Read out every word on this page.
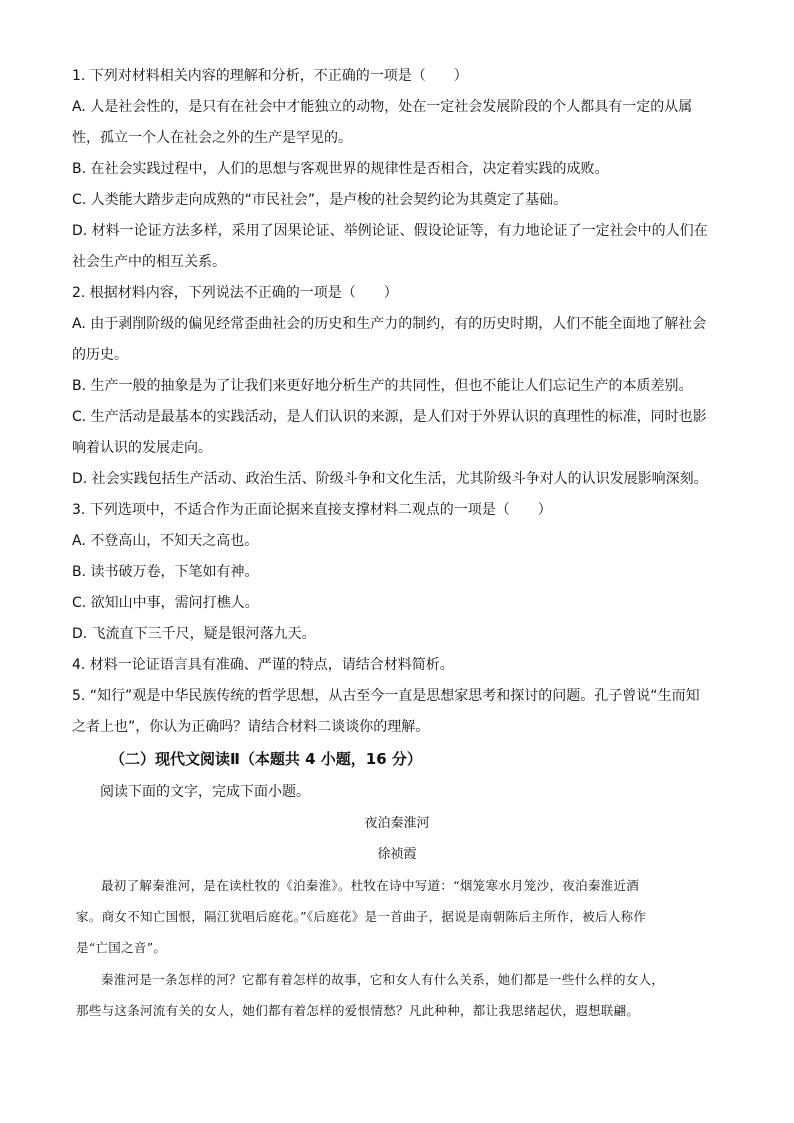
1. 下列对材料相关内容的理解和分析，不正确的一项是（　　）
A. 人是社会性的，是只有在社会中才能独立的动物，处在一定社会发展阶段的个人都具有一定的从属
性，孤立一个人在社会之外的生产是罕见的。
B. 在社会实践过程中，人们的思想与客观世界的规律性是否相合，决定着实践的成败。
C. 人类能大踏步走向成熟的“市民社会”，是卢梭的社会契约论为其奠定了基础。
D. 材料一论证方法多样，采用了因果论证、举例论证、假设论证等，有力地论证了一定社会中的人们在
社会生产中的相互关系。
2. 根据材料内容，下列说法不正确的一项是（　　）
A. 由于剥削阶级的偏见经常歪曲社会的历史和生产力的制约，有的历史时期，人们不能全面地了解社会
的历史。
B. 生产一般的抽象是为了让我们来更好地分析生产的共同性，但也不能让人们忘记生产的本质差别。
C. 生产活动是最基本的实践活动，是人们认识的来源，是人们对于外界认识的真理性的标准，同时也影
响着认识的发展走向。
D. 社会实践包括生产活动、政治生活、阶级斗争和文化生活，尤其阶级斗争对人的认识发展影响深刻。
3. 下列选项中，不适合作为正面论据来直接支撑材料二观点的一项是（　　）
A. 不登高山，不知天之高也。
B. 读书破万卷，下笔如有神。
C. 欲知山中事，需问打樵人。
D. 飞流直下三千尺，疑是银河落九天。
4. 材料一论证语言具有准确、严谨的特点，请结合材料简析。
5. “知行”观是中华民族传统的哲学思想，从古至今一直是思想家思考和探讨的问题。孔子曾说“生而知
之者上也”，你认为正确吗？请结合材料二谈谈你的理解。
（二）现代文阅读Ⅱ（本题共 4 小题，16 分）
阅读下面的文字，完成下面小题。
夜泊秦淮河
徐祯霞
最初了解秦淮河，是在读杜牧的《泊秦淮》。杜牧在诗中写道：“烟笼寒水月笼沙，夜泊秦淮近酒
家。商女不知亡国恨，隔江犹唱后庭花。”《后庭花》是一首曲子，据说是南朝陈后主所作，被后人称作
是“亡国之音”。
秦淮河是一条怎样的河？它都有着怎样的故事，它和女人有什么关系，她们都是一些什么样的女人，
那些与这条河流有关的女人，她们都有着怎样的爱恨情愁？凡此种种，都让我思绪起伏，遐想联翩。
